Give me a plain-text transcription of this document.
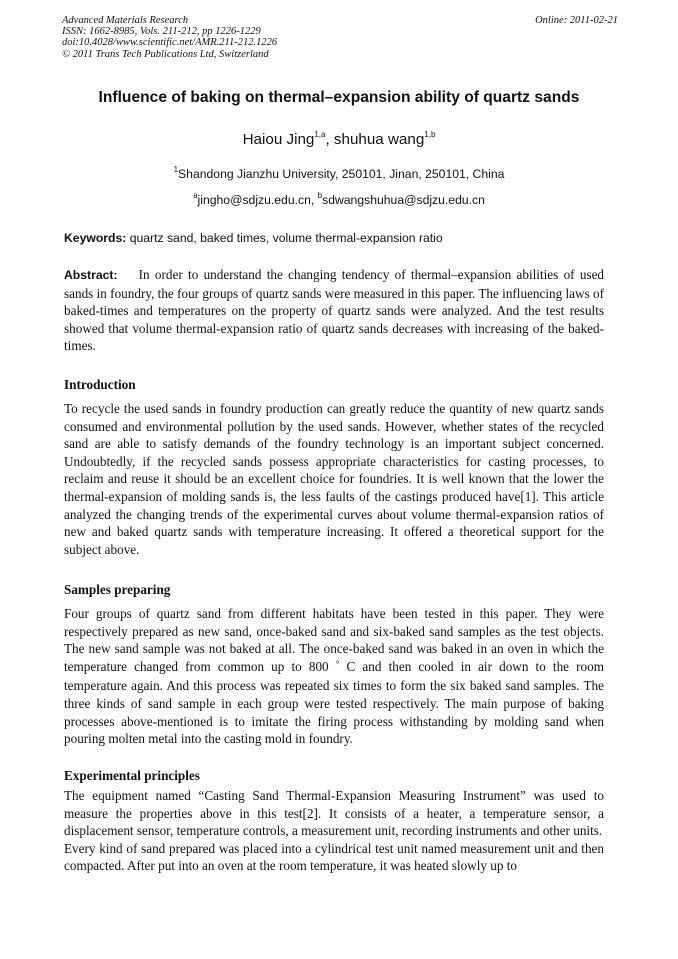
Advanced Materials Research
ISSN: 1662-8985, Vols. 211-212, pp 1226-1229
doi:10.4028/www.scientific.net/AMR.211-212.1226
© 2011 Trans Tech Publications Ltd, Switzerland
Online: 2011-02-21
Influence of baking on thermal–expansion ability of quartz sands
Haiou Jing$^{1,a}$, shuhua wang$^{1,b}$
$^1$Shandong Jianzhu University, 250101, Jinan, 250101, China
$^a$jingho@sdjzu.edu.cn, $^b$sdwangshuhua@sdjzu.edu.cn
Keywords: quartz sand, baked times, volume thermal-expansion ratio

Abstract: In order to understand the changing tendency of thermal–expansion abilities of used sands in foundry, the four groups of quartz sands were measured in this paper. The influencing laws of baked-times and temperatures on the property of quartz sands were analyzed. And the test results showed that volume thermal-expansion ratio of quartz sands decreases with increasing of the baked-times.

Introduction

To recycle the used sands in foundry production can greatly reduce the quantity of new quartz sands consumed and environmental pollution by the used sands. However, whether states of the recycled sand are able to satisfy demands of the foundry technology is an important subject concerned. Undoubtedly, if the recycled sands possess appropriate characteristics for casting processes, to reclaim and reuse it should be an excellent choice for foundries. It is well known that the lower the thermal-expansion of molding sands is, the less faults of the castings produced have[1]. This article analyzed the changing trends of the experimental curves about volume thermal-expansion ratios of new and baked quartz sands with temperature increasing. It offered a theoretical support for the subject above.

Samples preparing

Four groups of quartz sand from different habitats have been tested in this paper. They were respectively prepared as new sand, once-baked sand and six-baked sand samples as the test objects. The new sand sample was not baked at all. The once-baked sand was baked in an oven in which the temperature changed from common up to 800 ° C and then cooled in air down to the room temperature again. And this process was repeated six times to form the six baked sand samples. The three kinds of sand sample in each group were tested respectively. The main purpose of baking processes above-mentioned is to imitate the firing process withstanding by molding sand when pouring molten metal into the casting mold in foundry.

Experimental principles

The equipment named “Casting Sand Thermal-Expansion Measuring Instrument” was used to measure the properties above in this test[2]. It consists of a heater, a temperature sensor, a displacement sensor, temperature controls, a measurement unit, recording instruments and other units.

Every kind of sand prepared was placed into a cylindrical test unit named measurement unit and then compacted. After put into an oven at the room temperature, it was heated slowly up to
